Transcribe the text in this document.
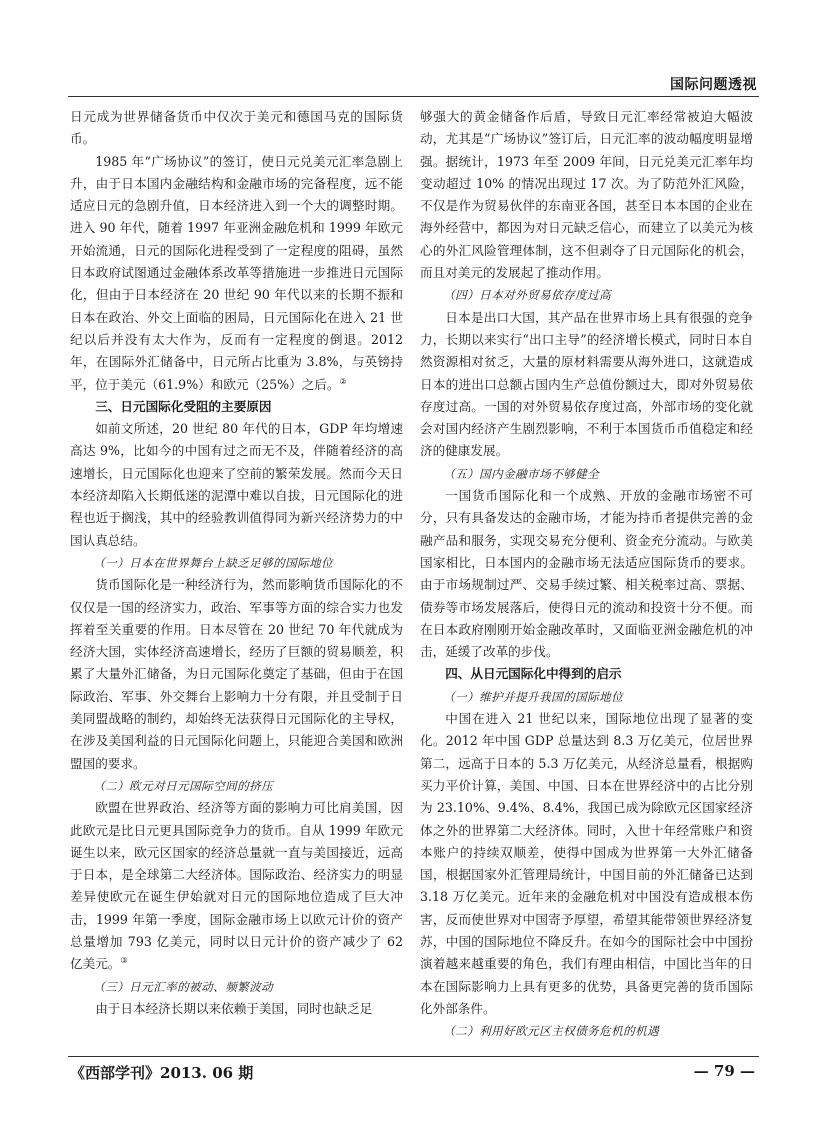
国际问题透视

日元成为世界储备货币中仅次于美元和德国马克的国际货币。

1985 年“广场协议”的签订，使日元兑美元汇率急剧上升，由于日本国内金融结构和金融市场的完备程度，远不能适应日元的急剧升值，日本经济进入到一个大的调整时期。进入 90 年代，随着 1997 年亚洲金融危机和 1999 年欧元开始流通，日元的国际化进程受到了一定程度的阻碍，虽然日本政府试图通过金融体系改革等措施进一步推进日元国际化，但由于日本经济在 20 世纪 90 年代以来的长期不振和日本在政治、外交上面临的困局，日元国际化在进入 21 世纪以后并没有太大作为，反而有一定程度的倒退。2012 年，在国际外汇储备中，日元所占比重为 3.8%，与英镑持平，位于美元（61.9%）和欧元（25%）之后。②

三、日元国际化受阻的主要原因

如前文所述，20 世纪 80 年代的日本，GDP 年均增速高达 9%，比如今的中国有过之而无不及，伴随着经济的高速增长，日元国际化也迎来了空前的繁荣发展。然而今天日本经济却陷入长期低迷的泥潭中难以自拔，日元国际化的进程也近于搁浅，其中的经验教训值得同为新兴经济势力的中国认真总结。

（一）日本在世界舞台上缺乏足够的国际地位

货币国际化是一种经济行为，然而影响货币国际化的不仅仅是一国的经济实力，政治、军事等方面的综合实力也发挥着至关重要的作用。日本尽管在 20 世纪 70 年代就成为经济大国，实体经济高速增长，经历了巨额的贸易顺差，积累了大量外汇储备，为日元国际化奠定了基础，但由于在国际政治、军事、外交舞台上影响力十分有限，并且受制于日美同盟战略的制约，却始终无法获得日元国际化的主导权，在涉及美国利益的日元国际化问题上，只能迎合美国和欧洲盟国的要求。

（二）欧元对日元国际空间的挤压

欧盟在世界政治、经济等方面的影响力可比肩美国，因此欧元是比日元更具国际竞争力的货币。自从 1999 年欧元诞生以来，欧元区国家的经济总量就一直与美国接近，远高于日本，是全球第二大经济体。国际政治、经济实力的明显差异使欧元在诞生伊始就对日元的国际地位造成了巨大冲击，1999 年第一季度，国际金融市场上以欧元计价的资产总量增加 793 亿美元，同时以日元计价的资产减少了 62 亿美元。③

（三）日元汇率的被动、频繁波动

由于日本经济长期以来依赖于美国，同时也缺乏足

够强大的黄金储备作后盾，导致日元汇率经常被迫大幅波动，尤其是“广场协议”签订后，日元汇率的波动幅度明显增强。据统计，1973 年至 2009 年间，日元兑美元汇率年均变动超过 10% 的情况出现过 17 次。为了防范外汇风险，不仅是作为贸易伙伴的东南亚各国，甚至日本本国的企业在海外经营中，都因为对日元缺乏信心，而建立了以美元为核心的外汇风险管理体制，这不但剥夺了日元国际化的机会，而且对美元的发展起了推动作用。

（四）日本对外贸易依存度过高

日本是出口大国，其产品在世界市场上具有很强的竞争力，长期以来实行“出口主导”的经济增长模式，同时日本自然资源相对贫乏，大量的原材料需要从海外进口，这就造成日本的进出口总额占国内生产总值份额过大，即对外贸易依存度过高。一国的对外贸易依存度过高，外部市场的变化就会对国内经济产生剧烈影响，不利于本国货币币值稳定和经济的健康发展。

（五）国内金融市场不够健全

一国货币国际化和一个成熟、开放的金融市场密不可分，只有具备发达的金融市场，才能为持币者提供完善的金融产品和服务，实现交易充分便利、资金充分流动。与欧美国家相比，日本国内的金融市场无法适应国际货币的要求。由于市场规制过严、交易手续过繁、相关税率过高、票据、债券等市场发展落后，使得日元的流动和投资十分不便。而在日本政府刚刚开始金融改革时，又面临亚洲金融危机的冲击，延缓了改革的步伐。

四、从日元国际化中得到的启示
（一）维护并提升我国的国际地位

中国在进入 21 世纪以来，国际地位出现了显著的变化。2012 年中国 GDP 总量达到 8.3 万亿美元，位居世界第二，远高于日本的 5.3 万亿美元，从经济总量看，根据购买力平价计算，美国、中国、日本在世界经济中的占比分别为 23.10%、9.4%、8.4%，我国已成为除欧元区国家经济体之外的世界第二大经济体。同时，入世十年经常账户和资本账户的持续双顺差，使得中国成为世界第一大外汇储备国，根据国家外汇管理局统计，中国目前的外汇储备已达到 3.18 万亿美元。近年来的金融危机对中国没有造成根本伤害，反而使世界对中国寄予厚望，希望其能带领世界经济复苏，中国的国际地位不降反升。在如今的国际社会中中国扮演着越来越重要的角色，我们有理由相信，中国比当年的日本在国际影响力上具有更多的优势，具备更完善的货币国际化外部条件。

（二）利用好欧元区主权债务危机的机遇
《西部学刊》2013. 06 期	— 79 —
